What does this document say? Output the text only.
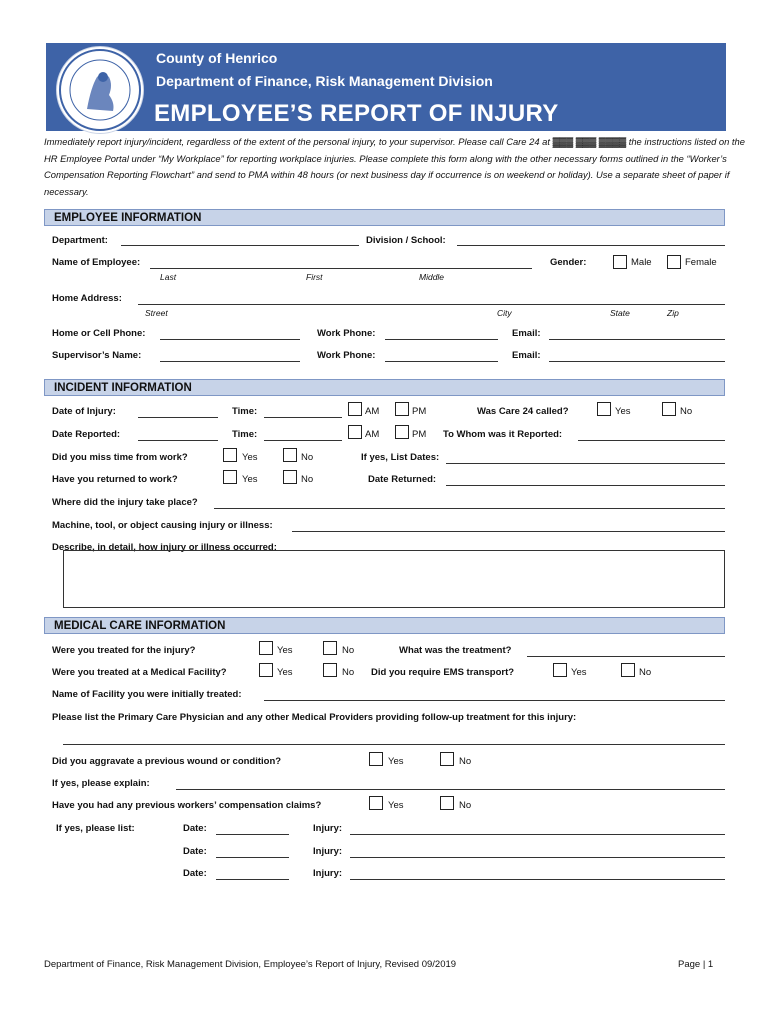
County of Henrico
Department of Finance, Risk Management Division
EMPLOYEE’S REPORT OF INJURY
Immediately report injury/incident, regardless of the extent of the personal injury, to your supervisor. Please call Care 24 at ▓▓▓ ▓▓▓ ▓▓▓▓ the instructions listed on the HR Employee Portal under “My Workplace” for reporting workplace injuries. Please complete this form along with the other necessary forms outlined in the “Worker’s Compensation Reporting Flowchart” and send to PMA within 48 hours (or next business day if occurrence is on weekend or holiday). Use a separate sheet of paper if necessary.
EMPLOYEE INFORMATION
Department:	Division / School:
Name of Employee:
Last	First	Middle
Gender:	Male	Female
Home Address:
Street	City	State	Zip
Home or Cell Phone:	Work Phone:	Email:
Supervisor’s Name:	Work Phone:	Email:
INCIDENT INFORMATION
Date of Injury:	Time:	AM	PM	Was Care 24 called?	Yes	No
Date Reported:	Time:	AM	PM To Whom was it Reported:
Did you miss time from work?	Yes	No	If yes, List Dates:
Have you returned to work?	Yes	No	Date Returned:
Where did the injury take place?
Machine, tool, or object causing injury or illness:
Describe, in detail, how injury or illness occurred:
MEDICAL CARE INFORMATION
Were you treated for the injury?	Yes	No	What was the treatment?
Were you treated at a Medical Facility?	Yes	No Did you require EMS transport?	Yes	No
Name of Facility you were initially treated:
Please list the Primary Care Physician and any other Medical Providers providing follow-up treatment for this injury:
Did you aggravate a previous wound or condition?	Yes	No
If yes, please explain:
Have you had any previous workers’ compensation claims?	Yes	No
If yes, please list:	Date:	Injury:
Date:	Injury:
Date:	Injury:
Department of Finance, Risk Management Division, Employee’s Report of Injury, Revised 09/2019	Page | 1
